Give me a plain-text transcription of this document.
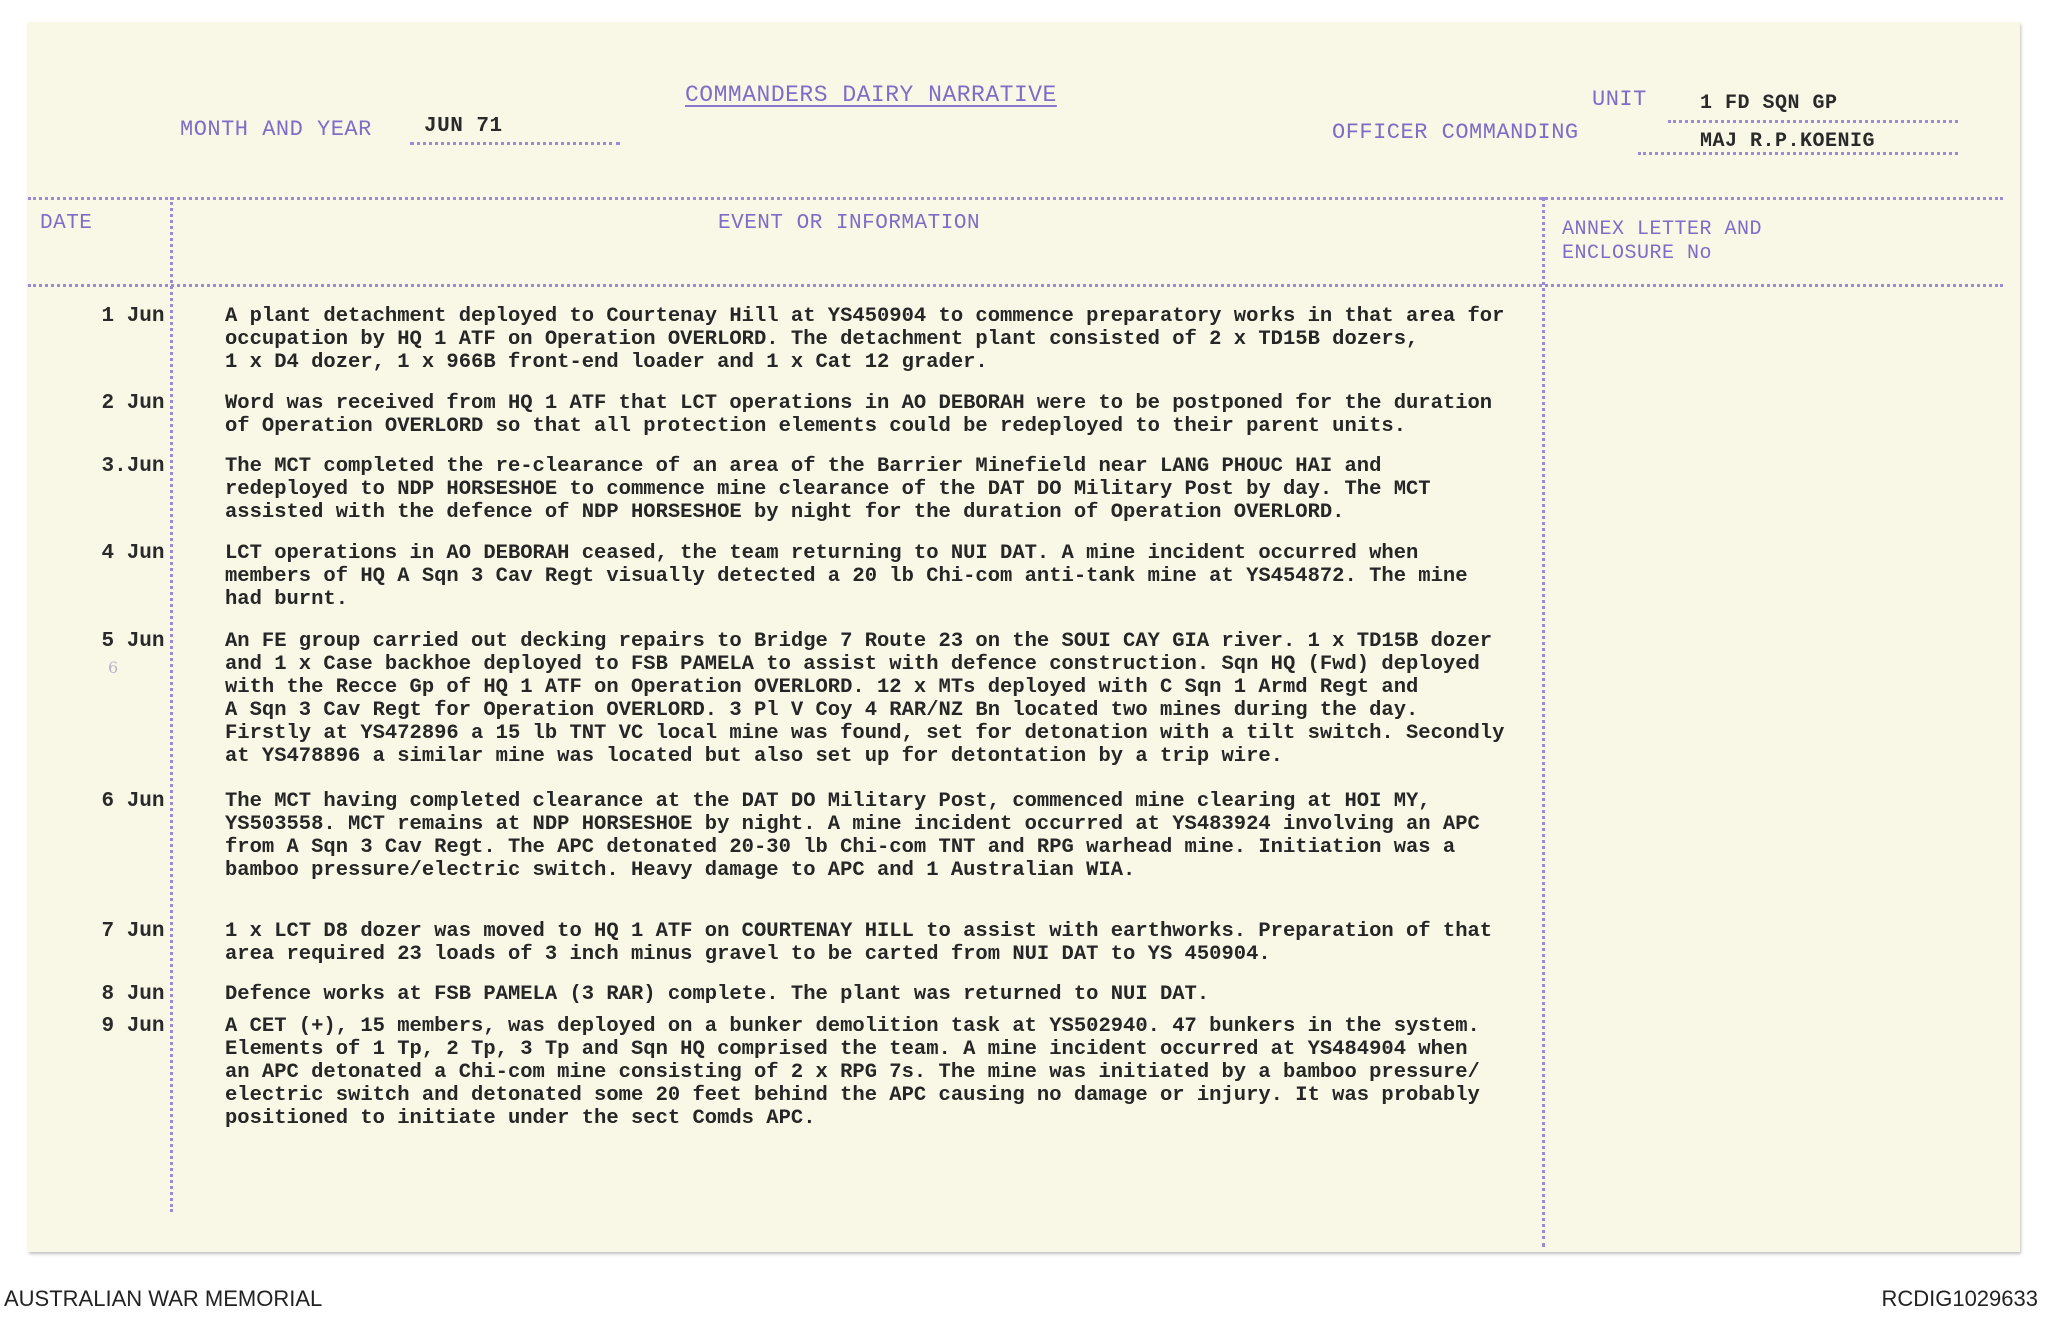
COMMANDERS DAIRY NARRATIVE
MONTH AND YEAR JUN 71
UNIT	1 FD SQN GP
OFFICER COMMANDING	MAJ R.P.KOENIG
DATE	EVENT OR INFORMATION	ANNEX LETTER AND
ENCLOSURE No
1 Jun	A plant detachment deployed to Courtenay Hill at YS450904 to commence preparatory works in that area for
occupation by HQ 1 ATF on Operation OVERLORD. The detachment plant consisted of 2 x TD15B dozers,
1 x D4 dozer, 1 x 966B front-end loader and 1 x Cat 12 grader.
2 Jun	Word was received from HQ 1 ATF that LCT operations in AO DEBORAH were to be postponed for the duration
of Operation OVERLORD so that all protection elements could be redeployed to their parent units.
3.Jun	The MCT completed the re-clearance of an area of the Barrier Minefield near LANG PHOUC HAI and
redeployed to NDP HORSESHOE to commence mine clearance of the DAT DO Military Post by day. The MCT
assisted with the defence of NDP HORSESHOE by night for the duration of Operation OVERLORD.
4 Jun	LCT operations in AO DEBORAH ceased, the team returning to NUI DAT. A mine incident occurred when
members of HQ A Sqn 3 Cav Regt visually detected a 20 lb Chi-com anti-tank mine at YS454872. The mine
had burnt.
5 Jun	An FE group carried out decking repairs to Bridge 7 Route 23 on the SOUI CAY GIA river. 1 x TD15B dozer
and 1 x Case backhoe deployed to FSB PAMELA to assist with defence construction. Sqn HQ (Fwd) deployed
with the Recce Gp of HQ 1 ATF on Operation OVERLORD. 12 x MTs deployed with C Sqn 1 Armd Regt and
A Sqn 3 Cav Regt for Operation OVERLORD. 3 Pl V Coy 4 RAR/NZ Bn located two mines during the day.
Firstly at YS472896 a 15 lb TNT VC local mine was found, set for detonation with a tilt switch. Secondly
at YS478896 a similar mine was located but also set up for detontation by a trip wire.
6 Jun	The MCT having completed clearance at the DAT DO Military Post, commenced mine clearing at HOI MY,
YS503558. MCT remains at NDP HORSESHOE by night. A mine incident occurred at YS483924 involving an APC
from A Sqn 3 Cav Regt. The APC detonated 20-30 lb Chi-com TNT and RPG warhead mine. Initiation was a
bamboo pressure/electric switch. Heavy damage to APC and 1 Australian WIA.
7 Jun	1 x LCT D8 dozer was moved to HQ 1 ATF on COURTENAY HILL to assist with earthworks. Preparation of that
area required 23 loads of 3 inch minus gravel to be carted from NUI DAT to YS 450904.
8 Jun	Defence works at FSB PAMELA (3 RAR) complete. The plant was returned to NUI DAT.
9 Jun	A CET (+), 15 members, was deployed on a bunker demolition task at YS502940. 47 bunkers in the system.
Elements of 1 Tp, 2 Tp, 3 Tp and Sqn HQ comprised the team. A mine incident occurred at YS484904 when
an APC detonated a Chi-com mine consisting of 2 x RPG 7s. The mine was initiated by a bamboo pressure/
electric switch and detonated some 20 feet behind the APC causing no damage or injury. It was probably
positioned to initiate under the sect Comds APC.
6
AUSTRALIAN WAR MEMORIAL	RCDIG1029633
